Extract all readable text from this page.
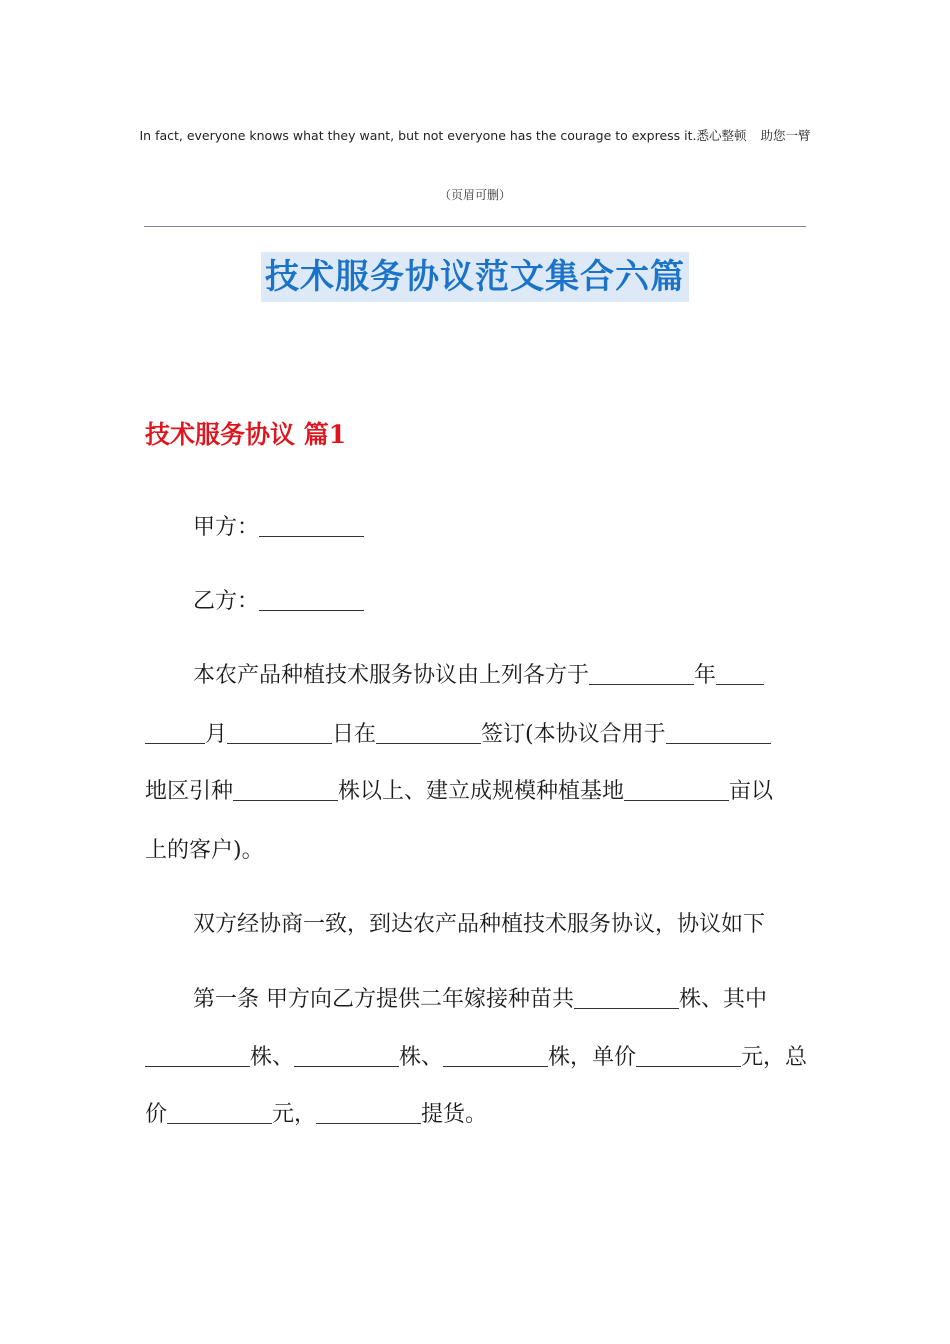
In fact, everyone knows what they want, but not everyone has the courage to express it.悉心整顿 助您一臂
（页眉可删）
技术服务协议范文集合六篇
技术服务协议 篇1
甲方：
乙方：
本农产品种植技术服务协议由上列各方于	年
月	日在	签订(本协议合用于
地区引种	株以上、建立成规模种植基地	亩以
上的客户)。
双方经协商一致，到达农产品种植技术服务协议，协议如下
第一条 甲方向乙方提供二年嫁接种苗共	株、其中
株、	株、	株，单价	元，总
价	元，	提货。
